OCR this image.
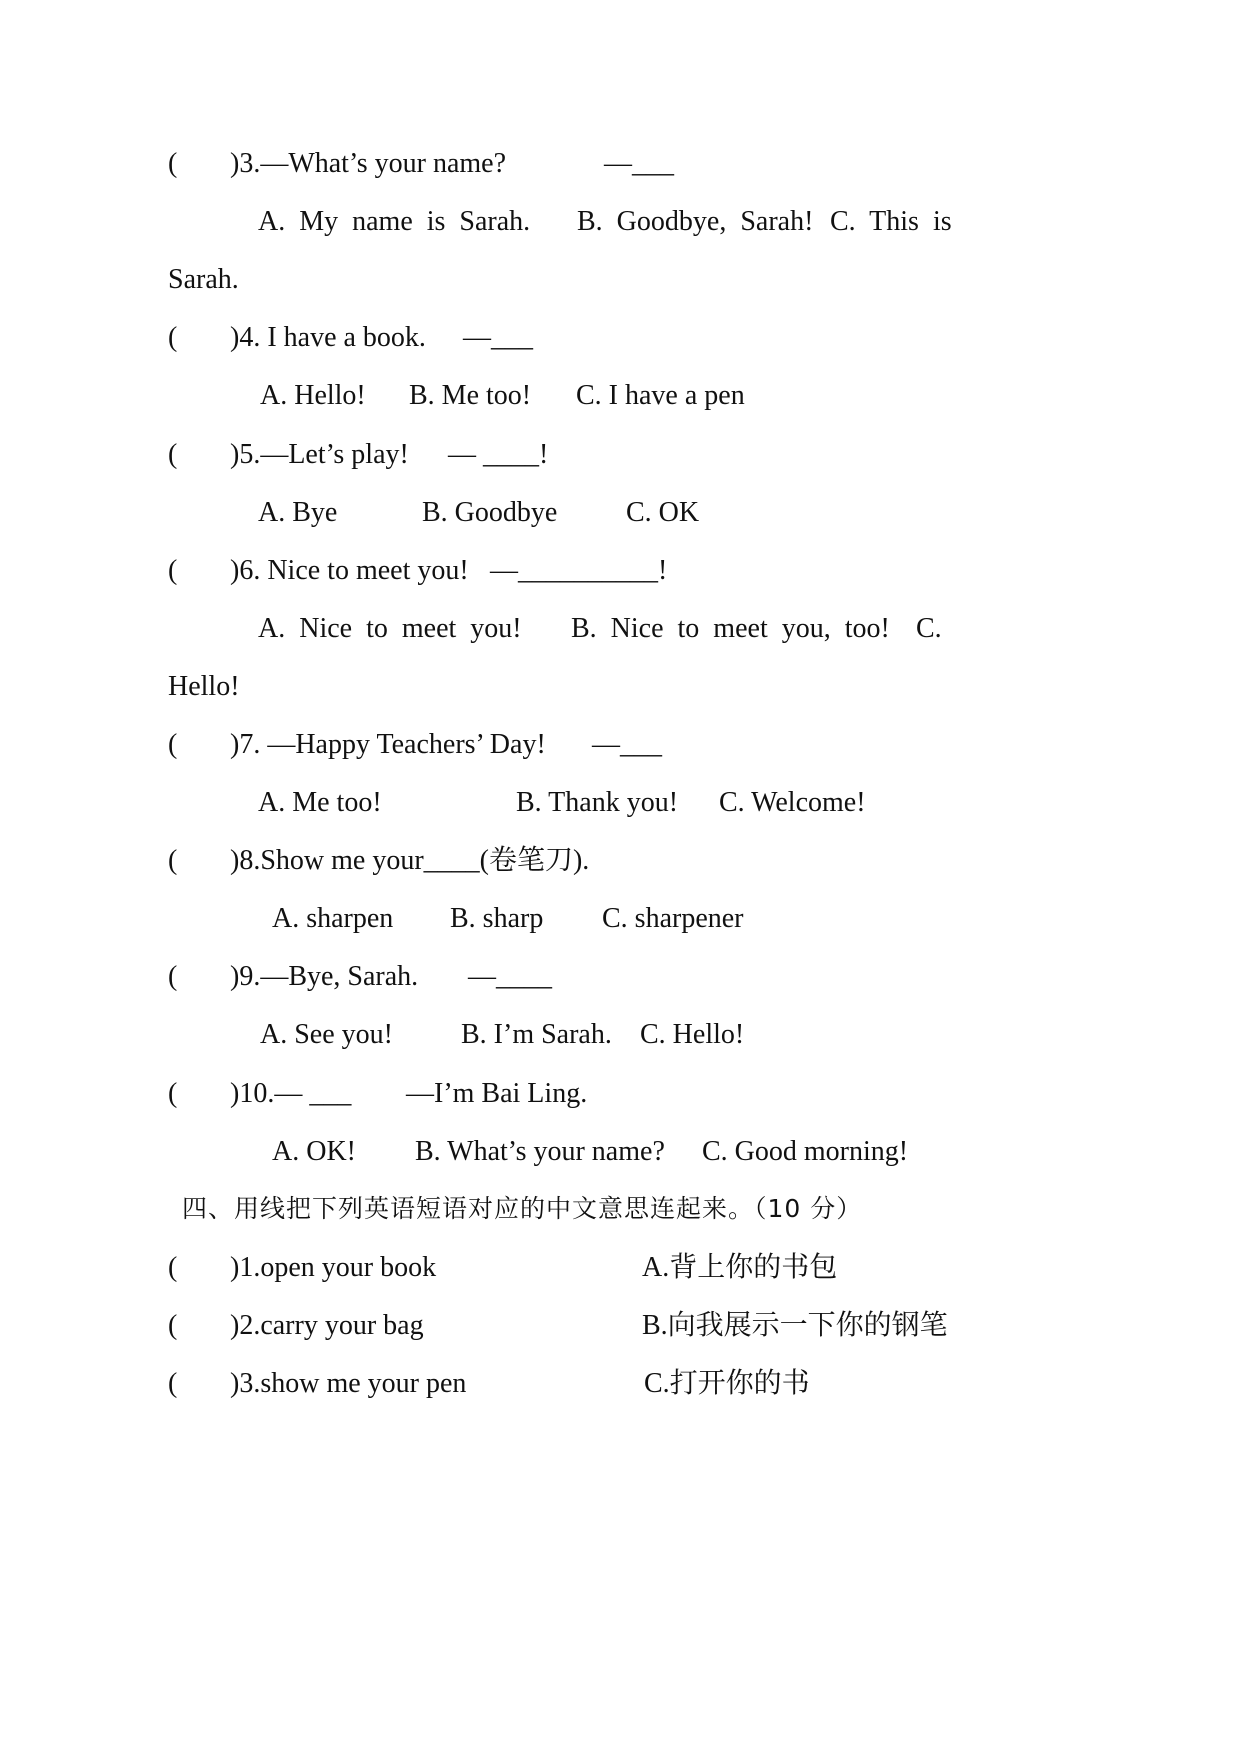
( )3.—What’s your name?	—___
A.  My  name  is  Sarah. B.  Goodbye,  Sarah! C.  This  is
Sarah.
( )4. I have a book. —___
A. Hello! B. Me too! C. I have a pen
( )5.—Let’s play! — ____!
A. Bye	B. Goodbye C. OK
( )6. Nice to meet you! —__________!
A.  Nice  to  meet  you! B.  Nice  to  meet  you,  too! C.
Hello!
( )7. —Happy Teachers’ Day! —___
A. Me too!	B. Thank you! C. Welcome!
( )8.Show me your____(卷笔刀).
A. sharpen B. sharp C. sharpener
( )9.—Bye, Sarah. —____
A. See you! B. I’m Sarah. C. Hello!
( )10.— ___ —I’m Bai Ling.
A. OK! B. What’s your name? C. Good morning!
四、用线把下列英语短语对应的中文意思连起来。（10 分）
( )1.open your book	A.背上你的书包
( )2.carry your bag	B.向我展示一下你的钢笔
( )3.show me your pen	C.打开你的书
